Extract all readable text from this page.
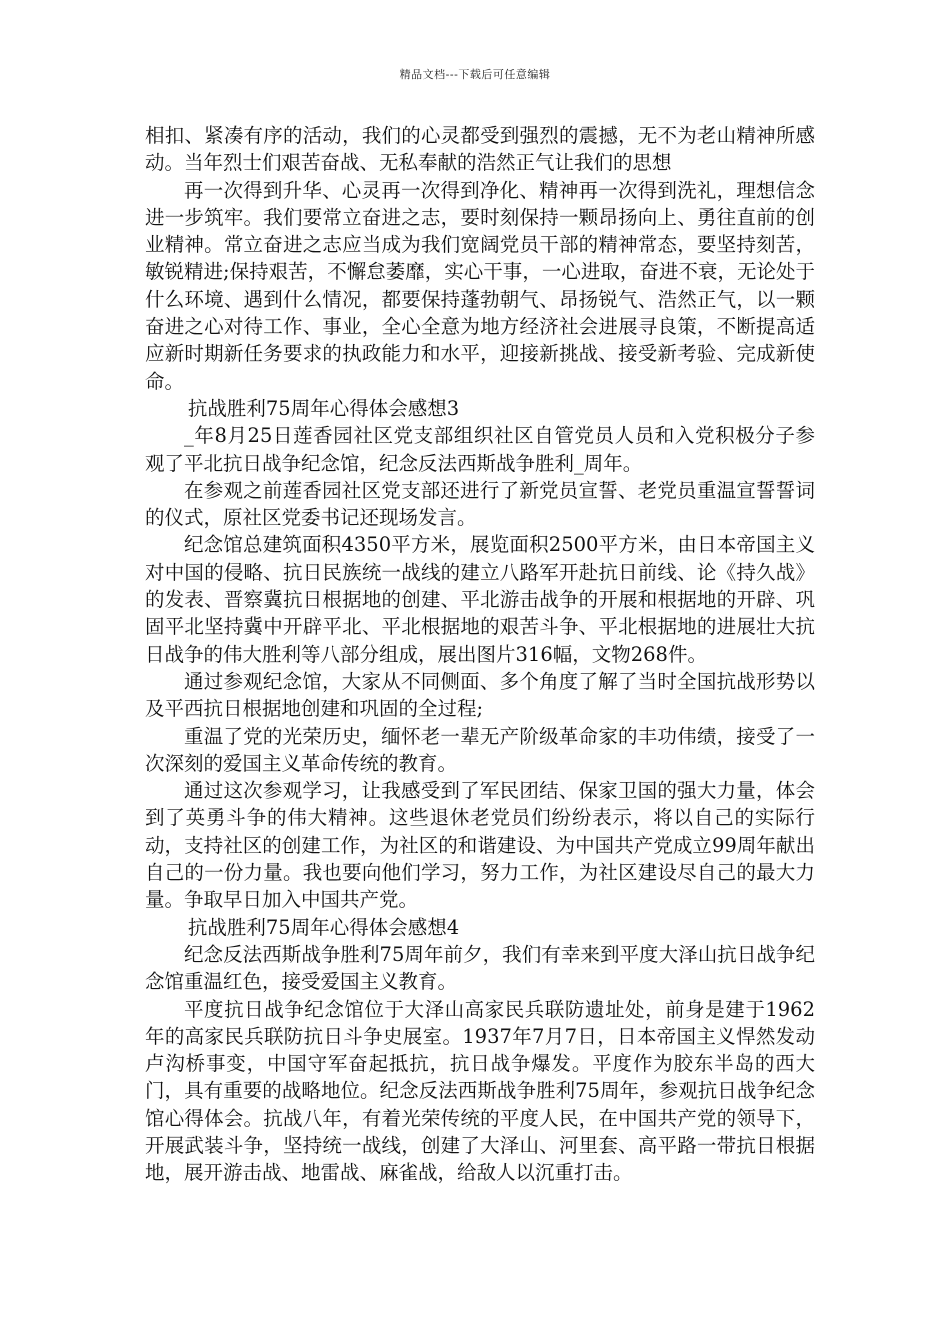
精品文档---下载后可任意编辑

相扣、紧凑有序的活动，我们的心灵都受到强烈的震撼，无不为老山精神所感动。当年烈士们艰苦奋战、无私奉献的浩然正气让我们的思想

再一次得到升华、心灵再一次得到净化、精神再一次得到洗礼，理想信念进一步筑牢。我们要常立奋进之志，要时刻保持一颗昂扬向上、勇往直前的创业精神。常立奋进之志应当成为我们宽阔党员干部的精神常态，要坚持刻苦，敏锐精进;保持艰苦，不懈怠萎靡，实心干事，一心进取，奋进不衰，无论处于什么环境、遇到什么情况，都要保持蓬勃朝气、昂扬锐气、浩然正气，以一颗奋进之心对待工作、事业，全心全意为地方经济社会进展寻良策，不断提高适应新时期新任务要求的执政能力和水平，迎接新挑战、接受新考验、完成新使命。

抗战胜利75周年心得体会感想3

_年8月25日莲香园社区党支部组织社区自管党员人员和入党积极分子参观了平北抗日战争纪念馆，纪念反法西斯战争胜利_周年。

在参观之前莲香园社区党支部还进行了新党员宣誓、老党员重温宣誓誓词的仪式，原社区党委书记还现场发言。

纪念馆总建筑面积4350平方米，展览面积2500平方米，由日本帝国主义对中国的侵略、抗日民族统一战线的建立八路军开赴抗日前线、论《持久战》的发表、晋察冀抗日根据地的创建、平北游击战争的开展和根据地的开辟、巩固平北坚持冀中开辟平北、平北根据地的艰苦斗争、平北根据地的进展壮大抗日战争的伟大胜利等八部分组成，展出图片316幅，文物268件。

通过参观纪念馆，大家从不同侧面、多个角度了解了当时全国抗战形势以及平西抗日根据地创建和巩固的全过程;

重温了党的光荣历史，缅怀老一辈无产阶级革命家的丰功伟绩，接受了一次深刻的爱国主义革命传统的教育。

通过这次参观学习，让我感受到了军民团结、保家卫国的强大力量，体会到了英勇斗争的伟大精神。这些退休老党员们纷纷表示，将以自己的实际行动，支持社区的创建工作，为社区的和谐建设、为中国共产党成立99周年献出自己的一份力量。我也要向他们学习，努力工作，为社区建设尽自己的最大力量。争取早日加入中国共产党。

抗战胜利75周年心得体会感想4

纪念反法西斯战争胜利75周年前夕，我们有幸来到平度大泽山抗日战争纪念馆重温红色，接受爱国主义教育。

平度抗日战争纪念馆位于大泽山高家民兵联防遗址处，前身是建于1962年的高家民兵联防抗日斗争史展室。1937年7月7日，日本帝国主义悍然发动卢沟桥事变，中国守军奋起抵抗，抗日战争爆发。平度作为胶东半岛的西大门，具有重要的战略地位。纪念反法西斯战争胜利75周年，参观抗日战争纪念馆心得体会。抗战八年，有着光荣传统的平度人民，在中国共产党的领导下，开展武装斗争，坚持统一战线，创建了大泽山、河里套、高平路一带抗日根据地，展开游击战、地雷战、麻雀战，给敌人以沉重打击。
